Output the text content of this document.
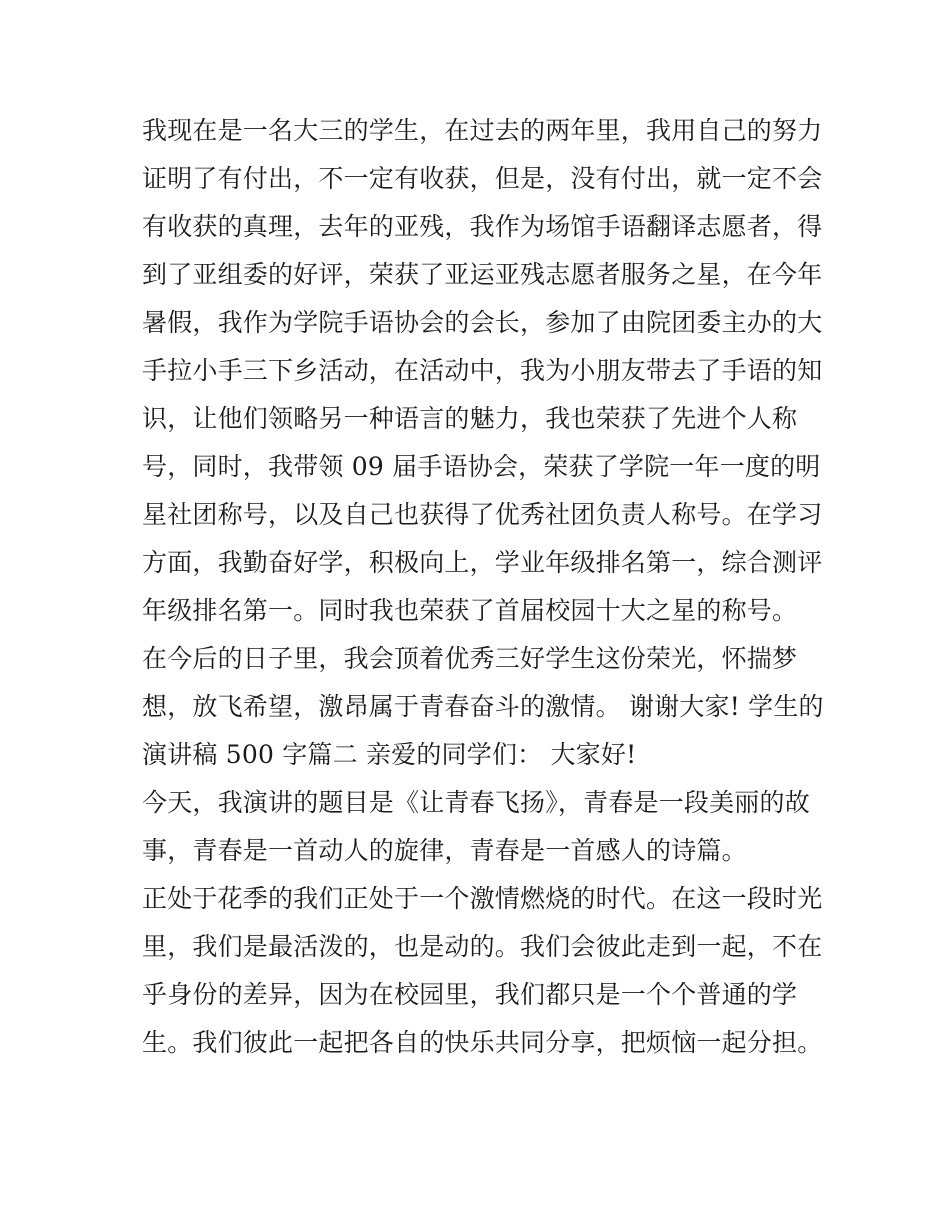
我现在是一名大三的学生，在过去的两年里，我用自己的努力
证明了有付出，不一定有收获，但是，没有付出，就一定不会
有收获的真理，去年的亚残，我作为场馆手语翻译志愿者，得
到了亚组委的好评，荣获了亚运亚残志愿者服务之星，在今年
暑假，我作为学院手语协会的会长，参加了由院团委主办的大
手拉小手三下乡活动，在活动中，我为小朋友带去了手语的知
识，让他们领略另一种语言的魅力，我也荣获了先进个人称
号，同时，我带领 09 届手语协会，荣获了学院一年一度的明
星社团称号，以及自己也获得了优秀社团负责人称号。在学习
方面，我勤奋好学，积极向上，学业年级排名第一，综合测评
年级排名第一。同时我也荣获了首届校园十大之星的称号。
在今后的日子里，我会顶着优秀三好学生这份荣光，怀揣梦
想，放飞希望，激昂属于青春奋斗的激情。 谢谢大家! 学生的
演讲稿 500 字篇二 亲爱的同学们： 大家好!
今天，我演讲的题目是《让青春飞扬》，青春是一段美丽的故
事，青春是一首动人的旋律，青春是一首感人的诗篇。
正处于花季的我们正处于一个激情燃烧的时代。在这一段时光
里，我们是最活泼的，也是动的。我们会彼此走到一起，不在
乎身份的差异，因为在校园里，我们都只是一个个普通的学
生。我们彼此一起把各自的快乐共同分享，把烦恼一起分担。
